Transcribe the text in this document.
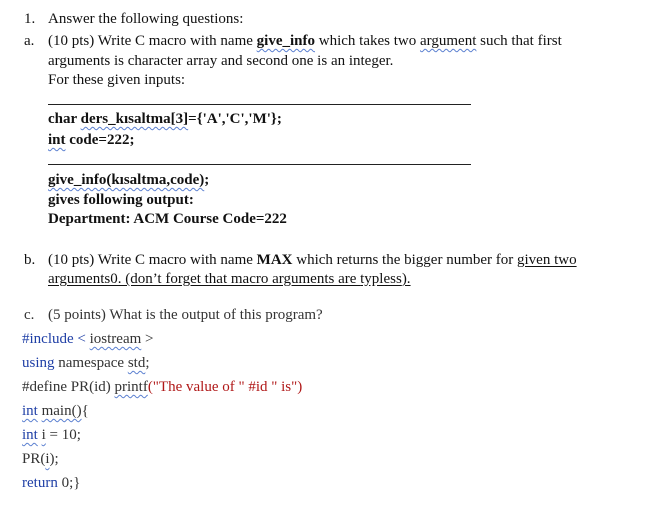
1. Answer the following questions:
a. (10 pts) Write C macro with name give_info which takes two argument such that first
arguments is character array and second one is an integer.
For these given inputs:
char ders_kısaltma[3]={'A','C','M'};
int code=222;
give_info(kısaltma,code);
gives following output:
Department: ACM Course Code=222
b. (10 pts) Write C macro with name MAX which returns the bigger number for given two
arguments0. (don’t forget that macro arguments are typless).
c. (5 points) What is the output of this program?
#include < iostream >
using namespace std;
#define PR(id) printf("The value of " #id " is")
int main(){
int i = 10;
PR(i);
return 0;}
